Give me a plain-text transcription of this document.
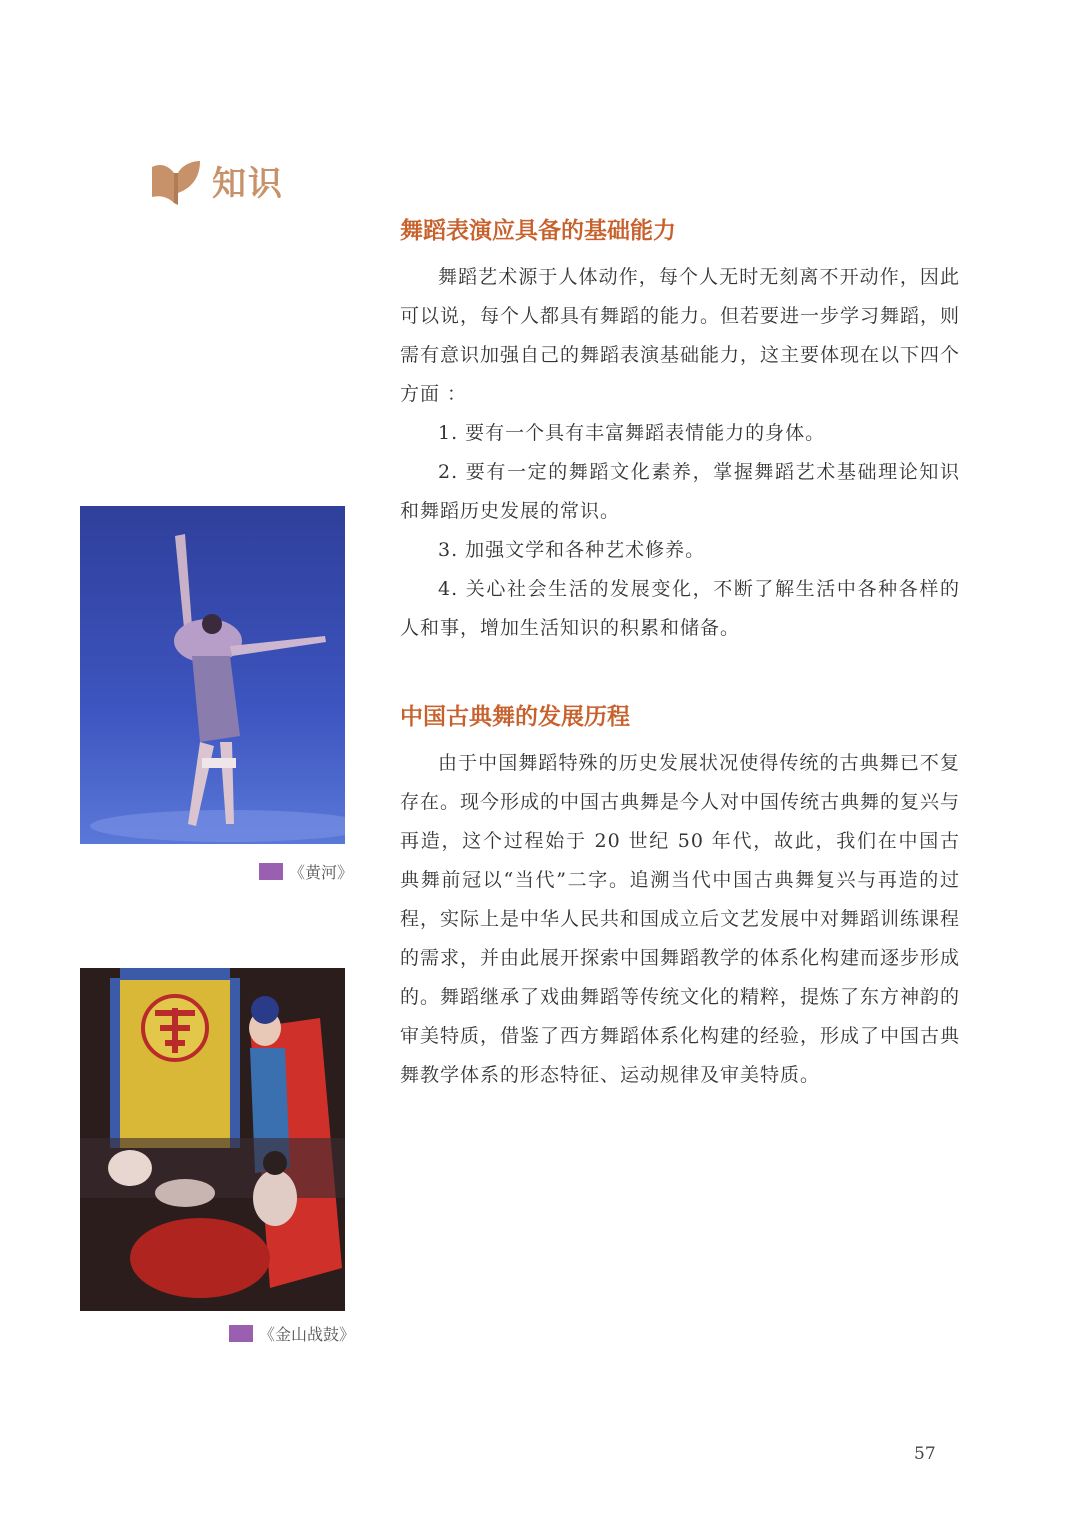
知识
舞蹈表演应具备的基础能力

舞蹈艺术源于人体动作，每个人无时无刻离不开动作，因此可以说，每个人都具有舞蹈的能力。但若要进一步学习舞蹈，则需有意识加强自己的舞蹈表演基础能力，这主要体现在以下四个方面 ：

1. 要有一个具有丰富舞蹈表情能力的身体。

2. 要有一定的舞蹈文化素养，掌握舞蹈艺术基础理论知识和舞蹈历史发展的常识。

3. 加强文学和各种艺术修养。

4. 关心社会生活的发展变化，不断了解生活中各种各样的人和事，增加生活知识的积累和储备。

中国古典舞的发展历程

由于中国舞蹈特殊的历史发展状况使得传统的古典舞已不复存在。现今形成的中国古典舞是今人对中国传统古典舞的复兴与再造，这个过程始于 20 世纪 50 年代，故此，我们在中国古典舞前冠以“当代”二字。追溯当代中国古典舞复兴与再造的过程，实际上是中华人民共和国成立后文艺发展中对舞蹈训练课程的需求，并由此展开探索中国舞蹈教学的体系化构建而逐步形成的。舞蹈继承了戏曲舞蹈等传统文化的精粹，提炼了东方神韵的审美特质，借鉴了西方舞蹈体系化构建的经验，形成了中国古典舞教学体系的形态特征、运动规律及审美特质。

《黄河》
《金山战鼓》
57
